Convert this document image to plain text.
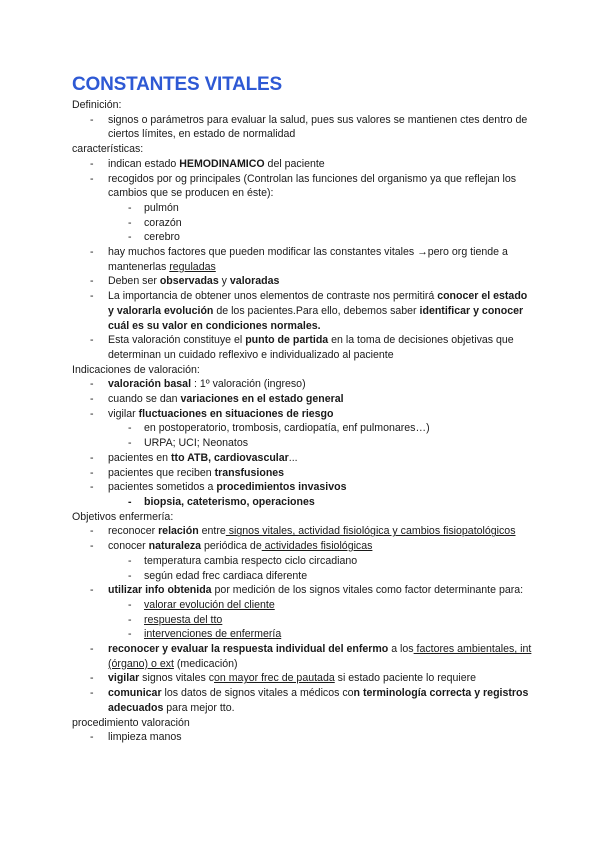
CONSTANTES VITALES
Definición:
- signos o parámetros para evaluar la salud, pues sus valores se mantienen ctes dentro de ciertos límites, en estado de normalidad
características:
- indican estado HEMODINAMICO del paciente
- recogidos por og principales (Controlan las funciones del organismo ya que reflejan los cambios que se producen en éste):
- pulmón
- corazón
- cerebro
- hay muchos factores que pueden modificar las constantes vitales →pero org tiende a mantenerlas reguladas
- Deben ser observadas y valoradas
- La importancia de obtener unos elementos de contraste nos permitirá conocer el estado y valorarla evolución de los pacientes.Para ello, debemos saber identificar y conocer cuál es su valor en condiciones normales.
- Esta valoración constituye el punto de partida en la toma de decisiones objetivas que determinan un cuidado reflexivo e individualizado al paciente
Indicaciones de valoración:
- valoración basal : 1º valoración (ingreso)
- cuando se dan variaciones en el estado general
- vigilar fluctuaciones en situaciones de riesgo
- en postoperatorio, trombosis, cardiopatía, enf pulmonares…)
- URPA; UCI; Neonatos
- pacientes en tto ATB, cardiovascular...
- pacientes que reciben transfusiones
- pacientes sometidos a procedimientos invasivos
- biopsia, cateterismo, operaciones
Objetivos enfermería:
- reconocer relación entre signos vitales, actividad fisiológica y cambios fisiopatológicos
- conocer naturaleza periódica de actividades fisiológicas
- temperatura cambia respecto ciclo circadiano
- según edad frec cardiaca diferente
- utilizar info obtenida por medición de los signos vitales como factor determinante para:
- valorar evolución del cliente
- respuesta del tto
- intervenciones de enfermería
- reconocer y evaluar la respuesta individual del enfermo a los factores ambientales, int (órgano) o ext (medicación)
- vigilar signos vitales con mayor frec de pautada si estado paciente lo requiere
- comunicar los datos de signos vitales a médicos con terminología correcta y registros adecuados para mejor tto.
procedimiento valoración
- limpieza manos
